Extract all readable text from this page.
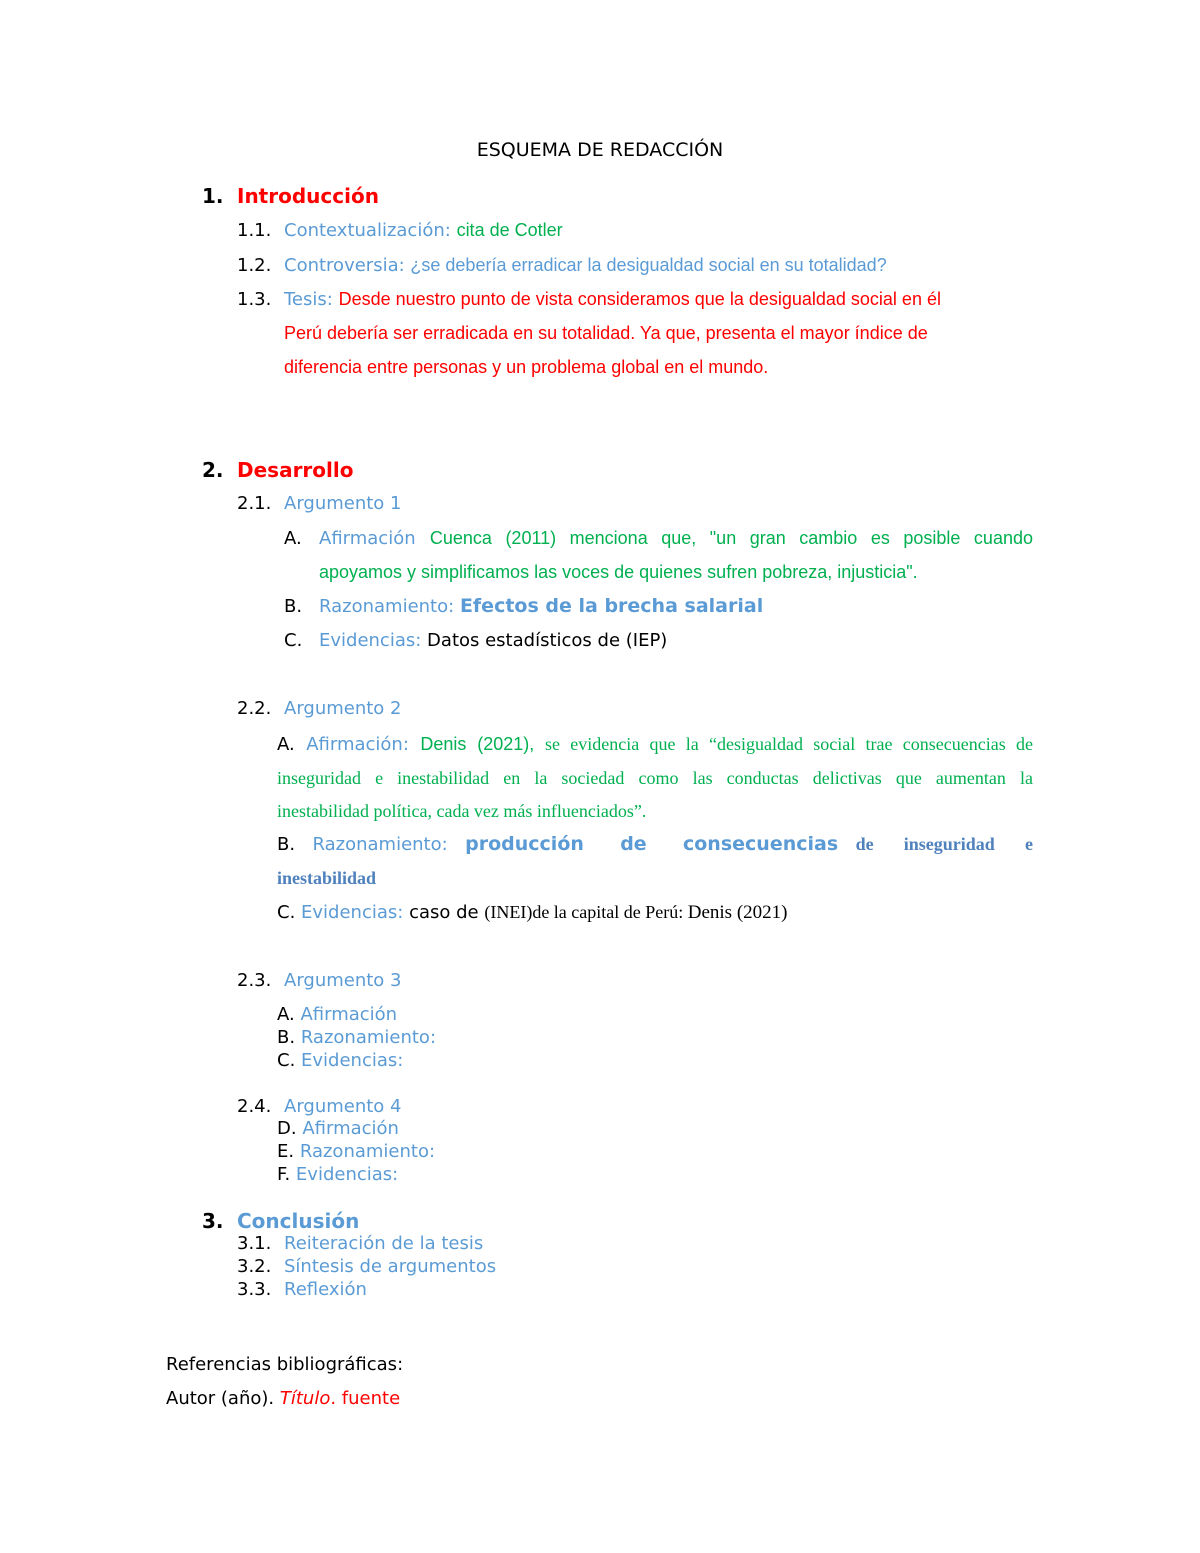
ESQUEMA DE REDACCIÓN
1. Introducción
1.1. Contextualización: cita de Cotler
1.2. Controversia: ¿se debería erradicar la desigualdad social en su totalidad?
1.3. Tesis: Desde nuestro punto de vista consideramos que la desigualdad social en él
Perú debería ser erradicada en su totalidad. Ya que, presenta el mayor índice de
diferencia entre personas y un problema global en el mundo.
2. Desarrollo
2.1. Argumento 1
A. Afirmación Cuenca (2011) menciona que, "un gran cambio es posible cuando
apoyamos y simplificamos las voces de quienes sufren pobreza, injusticia".
B. Razonamiento: Efectos de la brecha salarial
C. Evidencias: Datos estadísticos de (IEP)
2.2. Argumento 2
A. Afirmación: Denis (2021), se evidencia que la “desigualdad social trae consecuencias de
inseguridad e inestabilidad en la sociedad como las conductas delictivas que aumentan la
inestabilidad política, cada vez más influenciados”.
B. Razonamiento: producción de consecuencias de inseguridad e
inestabilidad
C. Evidencias: caso de (INEI)de la capital de Perú: Denis (2021)
2.3. Argumento 3
A. Afirmación
B. Razonamiento:
C. Evidencias:
2.4. Argumento 4
D. Afirmación
E. Razonamiento:
F. Evidencias:
3. Conclusión
3.1. Reiteración de la tesis
3.2. Síntesis de argumentos
3.3. Reflexión
Referencias bibliográficas:
Autor (año). Título. fuente
